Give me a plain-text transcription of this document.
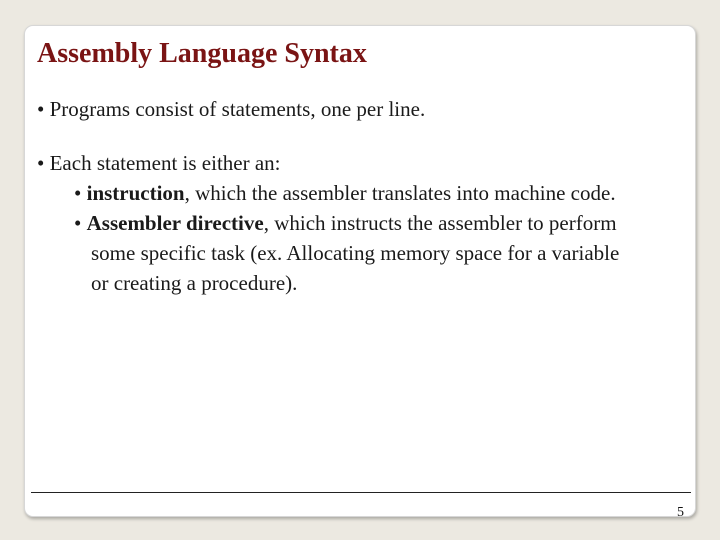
Assembly Language Syntax
• Programs consist of statements, one per line.
• Each statement is either an:
• instruction, which the assembler translates into machine code.
• Assembler directive, which instructs the assembler to perform
some specific task (ex. Allocating memory space for a variable
or creating a procedure).
5
